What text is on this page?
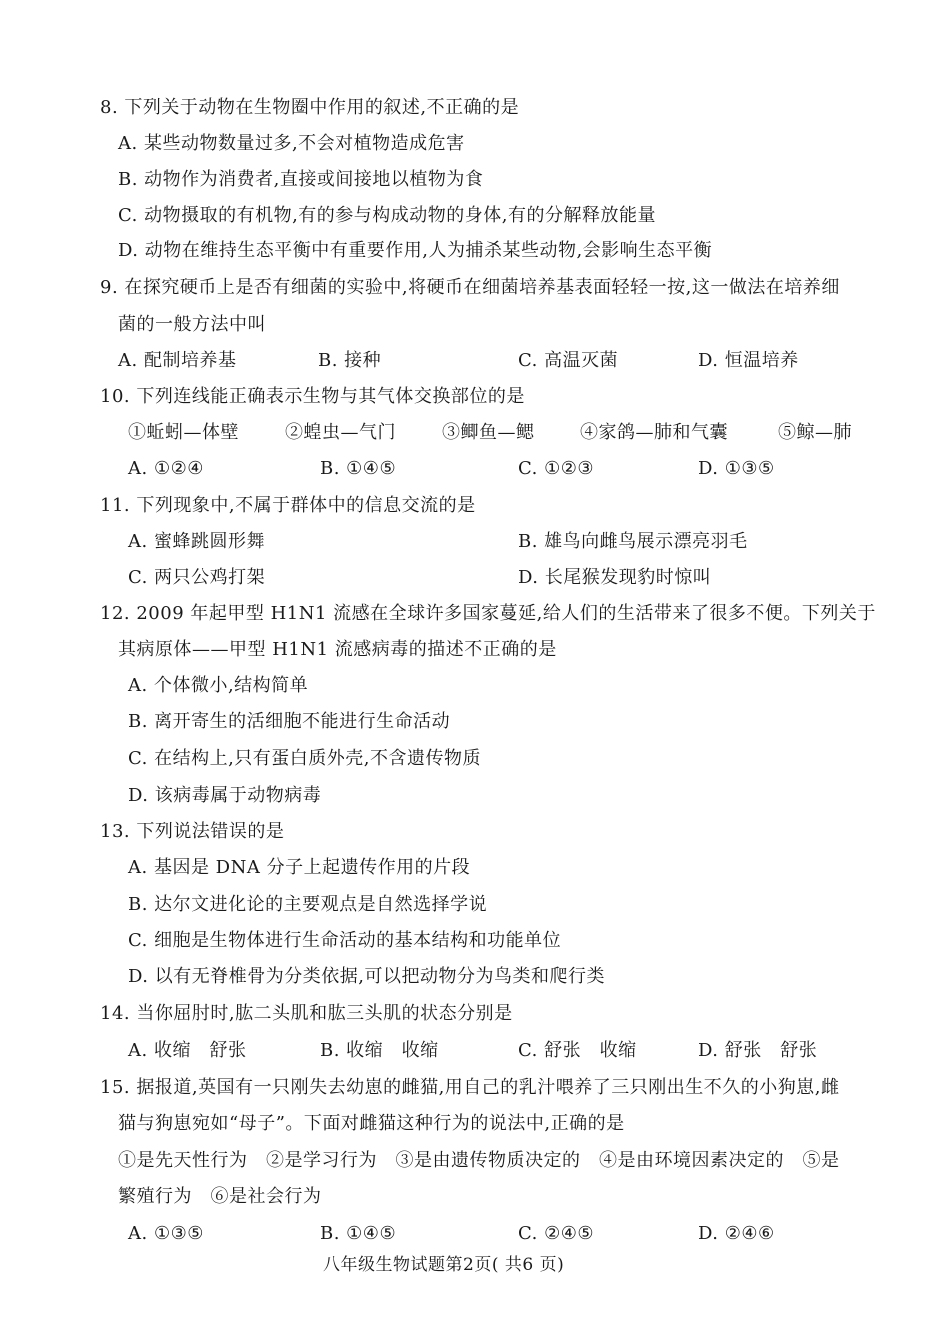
8. 下列关于动物在生物圈中作用的叙述,不正确的是
A. 某些动物数量过多,不会对植物造成危害
B. 动物作为消费者,直接或间接地以植物为食
C. 动物摄取的有机物,有的参与构成动物的身体,有的分解释放能量
D. 动物在维持生态平衡中有重要作用,人为捕杀某些动物,会影响生态平衡
9. 在探究硬币上是否有细菌的实验中,将硬币在细菌培养基表面轻轻一按,这一做法在培养细
菌的一般方法中叫
A. 配制培养基	B. 接种	C. 高温灭菌	D. 恒温培养
10. 下列连线能正确表示生物与其气体交换部位的是
①蚯蚓—体壁	②蝗虫—气门	③鲫鱼—鳃	④家鸽—肺和气囊	⑤鲸—肺
A. ①②④	B. ①④⑤	C. ①②③	D. ①③⑤
11. 下列现象中,不属于群体中的信息交流的是
A. 蜜蜂跳圆形舞	B. 雄鸟向雌鸟展示漂亮羽毛
C. 两只公鸡打架	D. 长尾猴发现豹时惊叫
12. 2009 年起甲型 H1N1 流感在全球许多国家蔓延,给人们的生活带来了很多不便。下列关于
其病原体——甲型 H1N1 流感病毒的描述不正确的是
A. 个体微小,结构简单
B. 离开寄生的活细胞不能进行生命活动
C. 在结构上,只有蛋白质外壳,不含遗传物质
D. 该病毒属于动物病毒
13. 下列说法错误的是
A. 基因是 DNA 分子上起遗传作用的片段
B. 达尔文进化论的主要观点是自然选择学说
C. 细胞是生物体进行生命活动的基本结构和功能单位
D. 以有无脊椎骨为分类依据,可以把动物分为鸟类和爬行类
14. 当你屈肘时,肱二头肌和肱三头肌的状态分别是
A. 收缩　舒张	B. 收缩　收缩	C. 舒张　收缩	D. 舒张　舒张
15. 据报道,英国有一只刚失去幼崽的雌猫,用自己的乳汁喂养了三只刚出生不久的小狗崽,雌
猫与狗崽宛如“母子”。下面对雌猫这种行为的说法中,正确的是
①是先天性行为　②是学习行为　③是由遗传物质决定的　④是由环境因素决定的　⑤是
繁殖行为　⑥是社会行为
A. ①③⑤	B. ①④⑤	C. ②④⑤	D. ②④⑥
八年级生物试题第2页( 共6 页)
